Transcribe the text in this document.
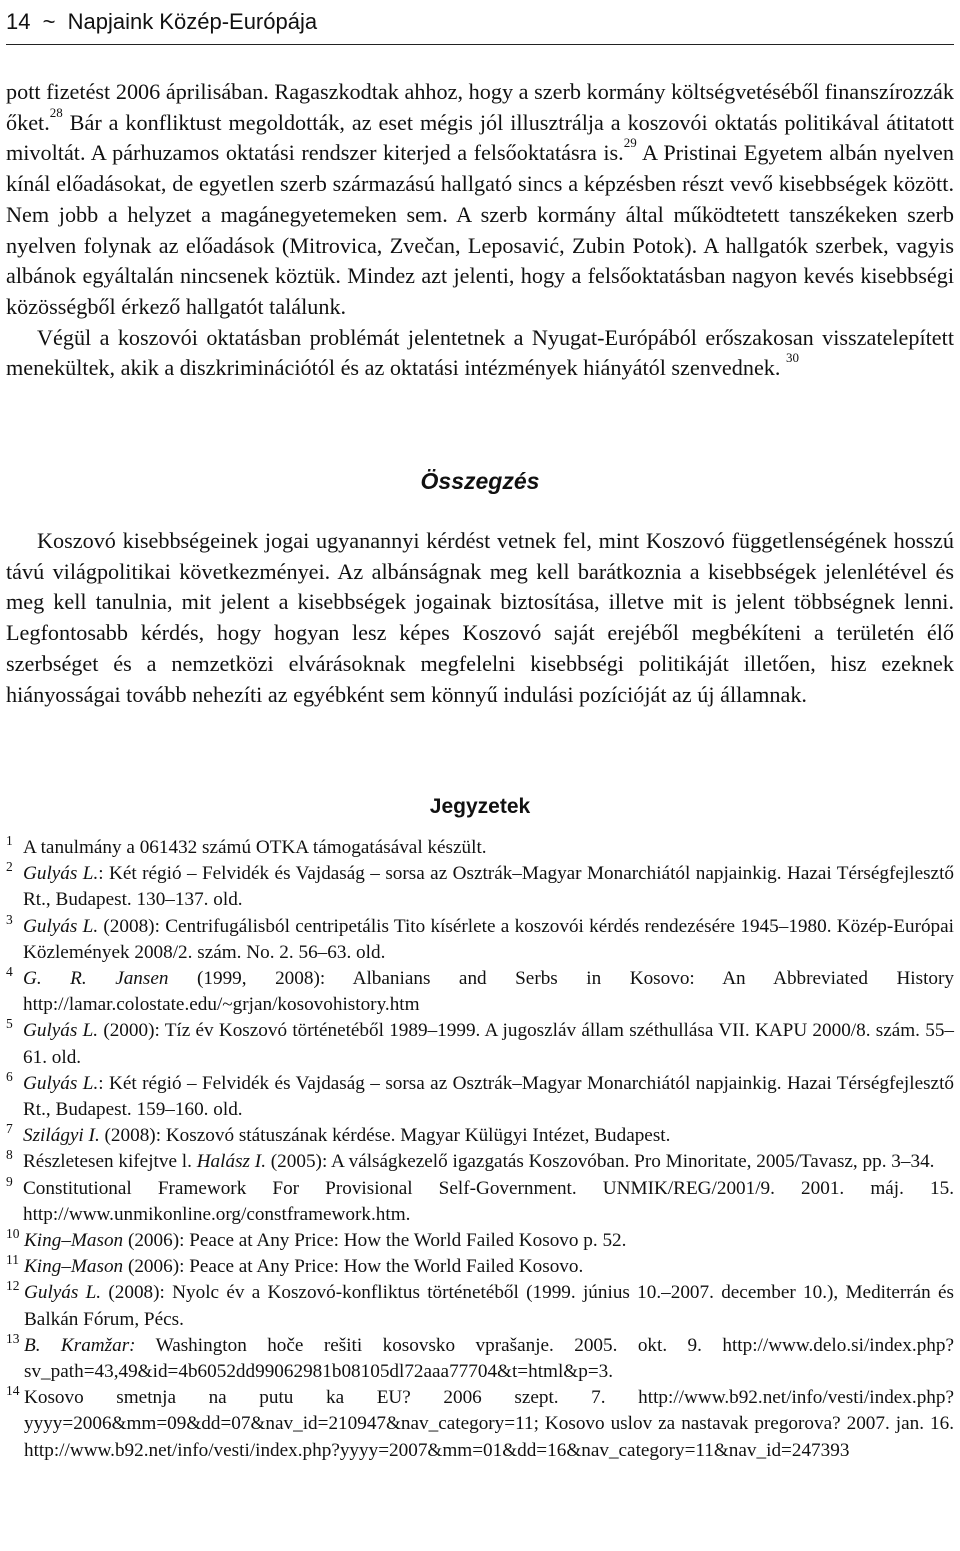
14 ~ Napjaink Közép-Európája

pott fizetést 2006 áprilisában. Ragaszkodtak ahhoz, hogy a szerb kormány költségvetéséből finanszírozzák őket.$^{28}$ Bár a konfliktust megoldották, az eset mégis jól illusztrálja a koszovói oktatás politikával átitatott mivoltát. A párhuzamos oktatási rendszer kiterjed a felsőoktatásra is.$^{29}$ A Pristinai Egyetem albán nyelven kínál előadásokat, de egyetlen szerb származású hallgató sincs a képzésben részt vevő kisebbségek között. Nem jobb a helyzet a magánegyetemeken sem. A szerb kormány által működtetett tanszékeken szerb nyelven folynak az előadások (Mitrovica, Zvečan, Leposavić, Zubin Potok). A hallgatók szerbek, vagyis albánok egyáltalán nincsenek köztük. Mindez azt jelenti, hogy a felsőoktatásban nagyon kevés kisebbségi közösségből érkező hallgatót találunk.

Végül a koszovói oktatásban problémát jelentetnek a Nyugat-Európából erőszakosan visszatelepített menekültek, akik a diszkriminációtól és az oktatási intézmények hiányától szenvednek. $^{30}$

Összegzés

Koszovó kisebbségeinek jogai ugyanannyi kérdést vetnek fel, mint Koszovó függetlenségének hosszú távú világpolitikai következményei. Az albánságnak meg kell barátkoznia a kisebbségek jelenlétével és meg kell tanulnia, mit jelent a kisebbségek jogainak biztosítása, illetve mit is jelent többségnek lenni. Legfontosabb kérdés, hogy hogyan lesz képes Koszovó saját erejéből megbékíteni a területén élő szerbséget és a nemzetközi elvárásoknak megfelelni kisebbségi politikáját illetően, hisz ezeknek hiányosságai tovább nehezíti az egyébként sem könnyű indulási pozícióját az új államnak.

Jegyzetek
1 A tanulmány a 061432 számú OTKA támogatásával készült.
2 Gulyás L.: Két régió – Felvidék és Vajdaság – sorsa az Osztrák–Magyar Monarchiától napjainkig. Hazai Térségfejlesztő Rt., Budapest. 130–137. old.
3 Gulyás L. (2008): Centrifugálisból centripetális Tito kísérlete a koszovói kérdés rendezésére 1945–1980. Közép-Európai Közlemények 2008/2. szám. No. 2. 56–63. old.
4 G. R. Jansen (1999, 2008): Albanians and Serbs in Kosovo: An Abbreviated History http://lamar.colostate.edu/~grjan/kosovohistory.htm
5 Gulyás L. (2000): Tíz év Koszovó történetéből 1989–1999. A jugoszláv állam széthullása VII. KAPU 2000/8. szám. 55–61. old.
6 Gulyás L.: Két régió – Felvidék és Vajdaság – sorsa az Osztrák–Magyar Monarchiától napjainkig. Hazai Térségfejlesztő Rt., Budapest. 159–160. old.
7 Szilágyi I. (2008): Koszovó státuszának kérdése. Magyar Külügyi Intézet, Budapest.
8 Részletesen kifejtve l. Halász I. (2005): A válságkezelő igazgatás Koszovóban. Pro Minoritate, 2005/Tavasz, pp. 3–34.
9 Constitutional Framework For Provisional Self-Government. UNMIK/REG/2001/9. 2001. máj. 15. http://www.unmikonline.org/constframework.htm.
10 King–Mason (2006): Peace at Any Price: How the World Failed Kosovo p. 52.
11 King–Mason (2006): Peace at Any Price: How the World Failed Kosovo.
12 Gulyás L. (2008): Nyolc év a Koszovó-konfliktus történetéből (1999. június 10.–2007. december 10.), Mediterrán és Balkán Fórum, Pécs.
13 B. Kramžar: Washington hoče rešiti kosovsko vprašanje. 2005. okt. 9. http://www.delo.si/index.php?sv_path=43,49&id=4b6052dd99062981b08105dl72aaa77704&t=html&p=3.
14 Kosovo smetnja na putu ka EU? 2006 szept. 7. http://www.b92.net/info/vesti/index.php?yyyy=2006&mm=09&dd=07&nav_id=210947&nav_category=11; Kosovo uslov za nastavak pregorova? 2007. jan. 16. http://www.b92.net/info/vesti/index.php?yyyy=2007&mm=01&dd=16&nav_category=11&nav_id=247393
